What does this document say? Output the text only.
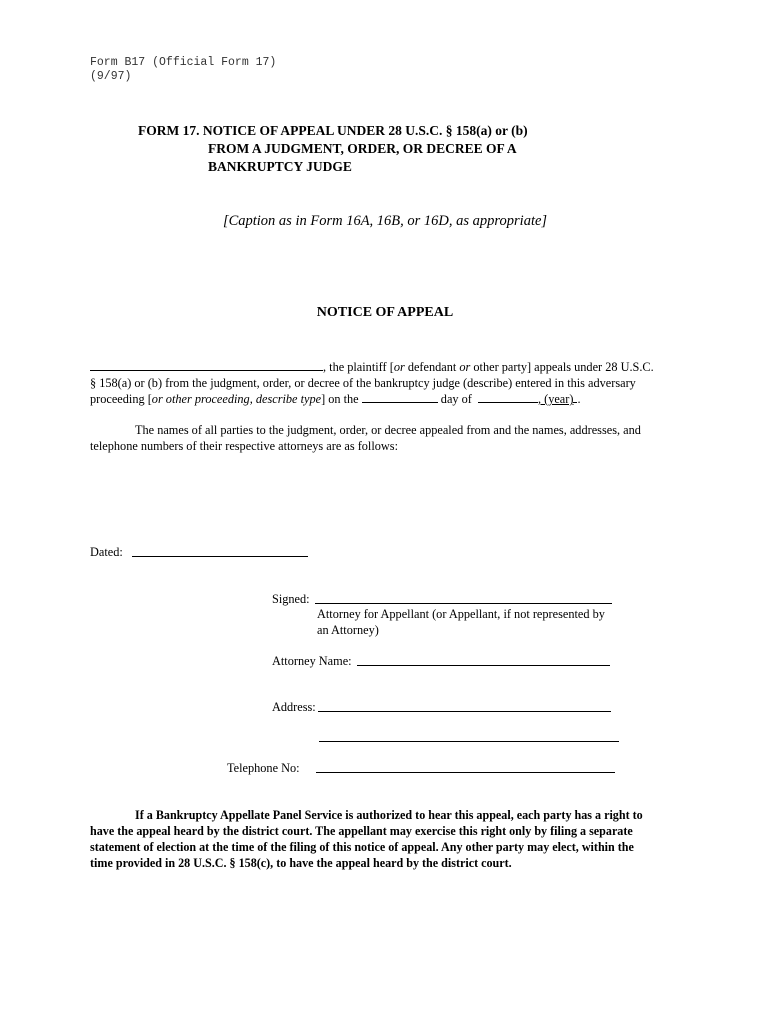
Form B17 (Official Form 17)
(9/97)
FORM 17. NOTICE OF APPEAL UNDER 28 U.S.C. § 158(a) or (b)
FROM A JUDGMENT, ORDER, OR DECREE OF A
BANKRUPTCY JUDGE
[Caption as in Form 16A, 16B, or 16D, as appropriate]
NOTICE OF APPEAL
, the plaintiff [or defendant or other party] appeals under 28 U.S.C.
§ 158(a) or (b) from the judgment, order, or decree of the bankruptcy judge (describe) entered in this adversary
proceeding [or other proceeding, describe type] on the	day of	, (year) .
The names of all parties to the judgment, order, or decree appealed from and the names, addresses, and
telephone numbers of their respective attorneys are as follows:
Dated:
Signed:
Attorney for Appellant (or Appellant, if not represented by
an Attorney)
Attorney Name:
Address:
Telephone No:
If a Bankruptcy Appellate Panel Service is authorized to hear this appeal, each party has a right to
have the appeal heard by the district court. The appellant may exercise this right only by filing a separate
statement of election at the time of the filing of this notice of appeal. Any other party may elect, within the
time provided in 28 U.S.C. § 158(c), to have the appeal heard by the district court.
